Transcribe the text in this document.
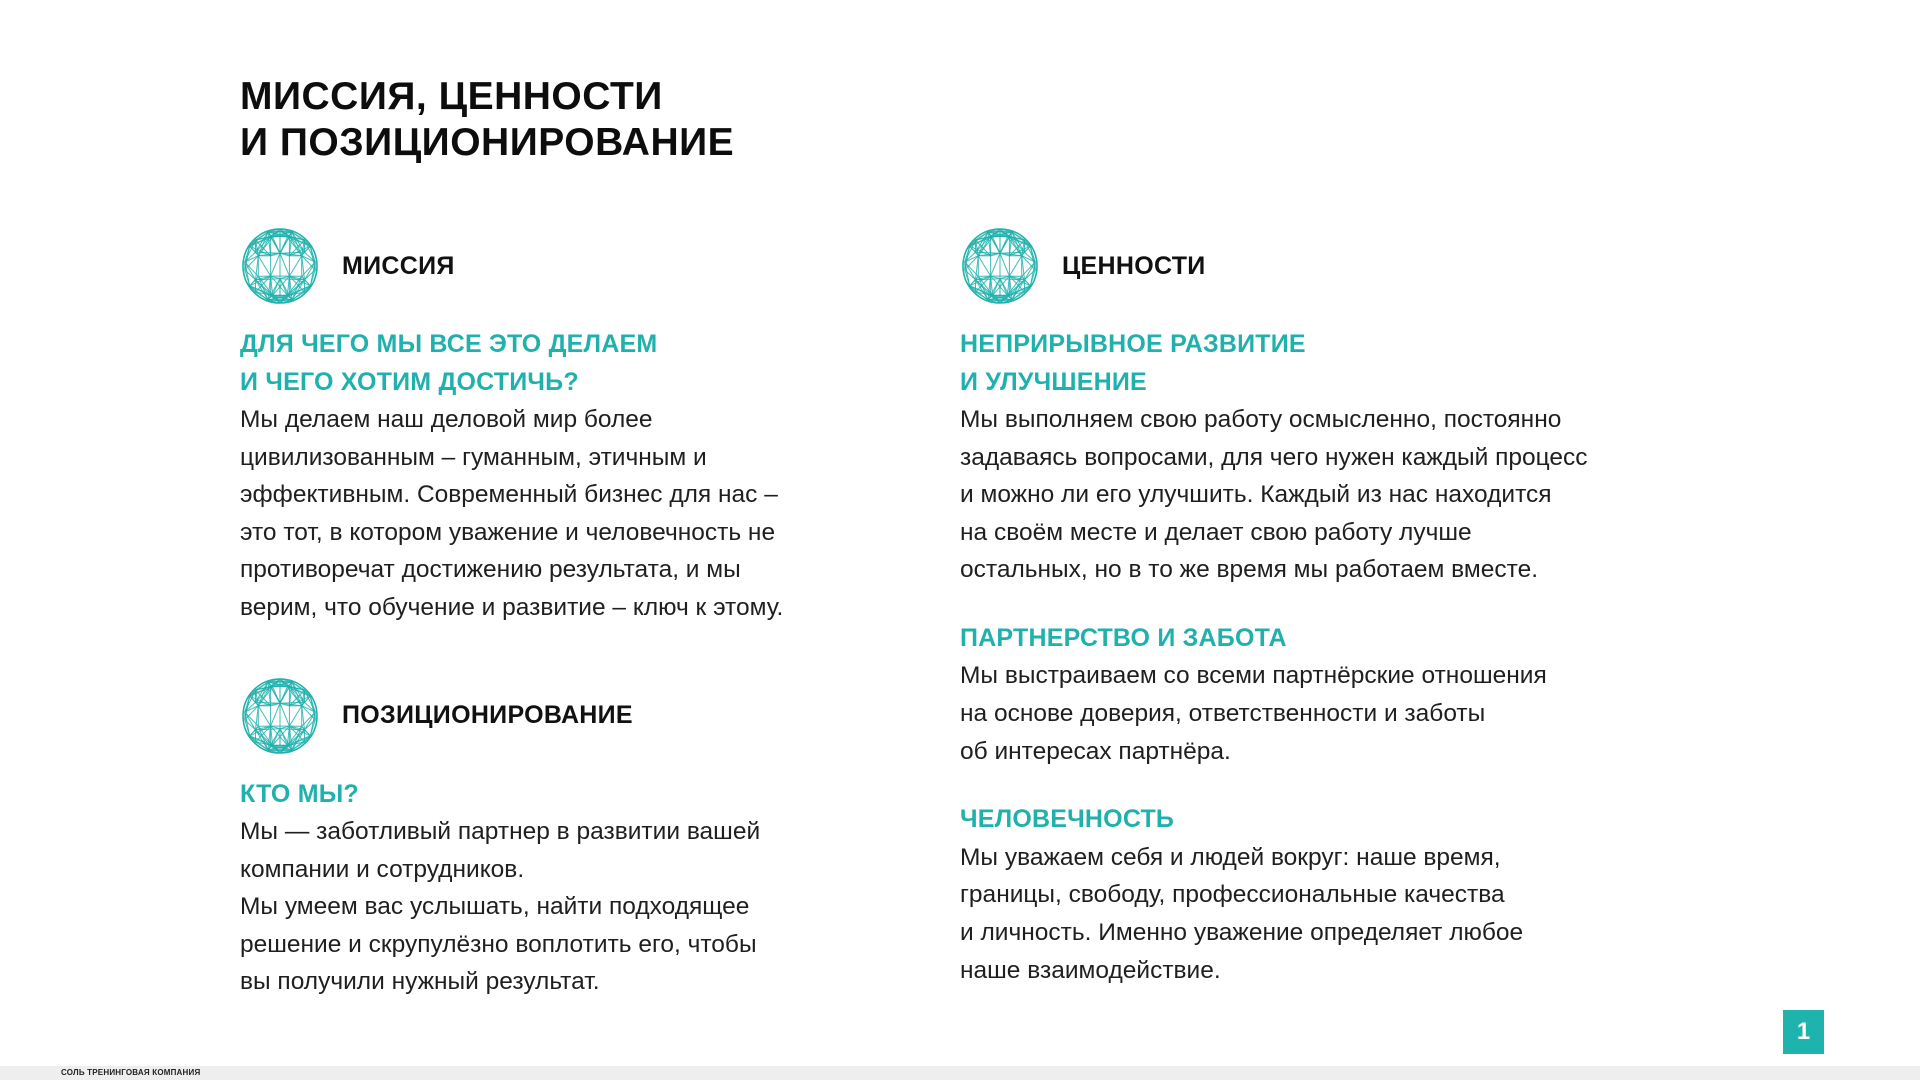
МИССИЯ, ЦЕННОСТИ
И ПОЗИЦИОНИРОВАНИЕ
МИССИЯ
ДЛЯ ЧЕГО МЫ ВСЕ ЭТО ДЕЛАЕМ
И ЧЕГО ХОТИМ ДОСТИЧЬ?
Мы делаем наш деловой мир более
цивилизованным – гуманным, этичным и
эффективным. Современный бизнес для нас –
это тот, в котором уважение и человечность не
противоречат достижению результата, и мы
верим, что обучение и развитие – ключ к этому.
ПОЗИЦИОНИРОВАНИЕ
КТО МЫ?
Мы — заботливый партнер в развитии вашей
компании и сотрудников.
Мы умеем вас услышать, найти подходящее
решение и скрупулёзно воплотить его, чтобы
вы получили нужный результат.
ЦЕННОСТИ
НЕПРИРЫВНОЕ РАЗВИТИЕ
И УЛУЧШЕНИЕ
Мы выполняем свою работу осмысленно, постоянно
задаваясь вопросами, для чего нужен каждый процесс
и можно ли его улучшить. Каждый из нас находится
на своём месте и делает свою работу лучше
остальных, но в то же время мы работаем вместе.
ПАРТНЕРСТВО И ЗАБОТА
Мы выстраиваем со всеми партнёрские отношения
на основе доверия, ответственности и заботы
об интересах партнёра.
ЧЕЛОВЕЧНОСТЬ
Мы уважаем себя и людей вокруг: наше время,
границы, свободу, профессиональные качества
и личность. Именно уважение определяет любое
наше взаимодействие.
1
СОЛЬ ТРЕНИНГОВАЯ КОМПАНИЯ
